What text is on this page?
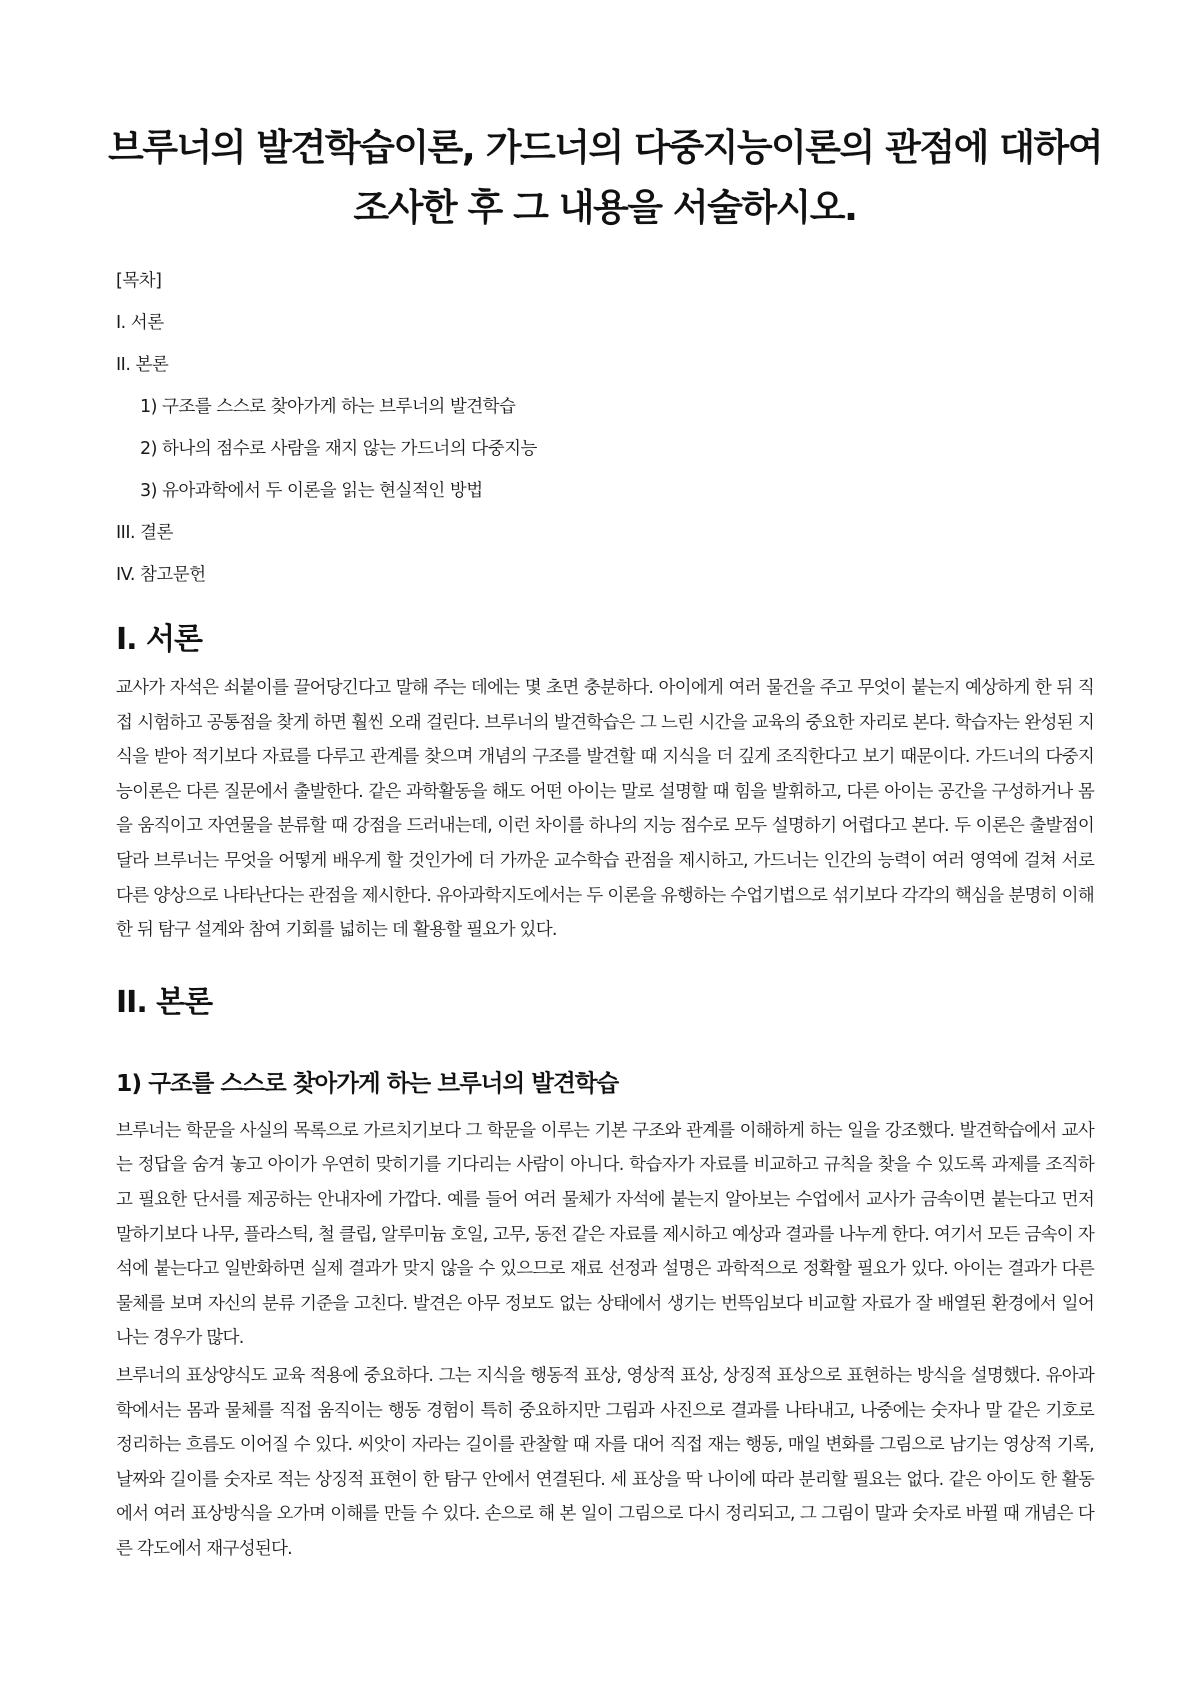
브루너의 발견학습이론, 가드너의 다중지능이론의 관점에 대하여 조사한 후 그 내용을 서술하시오.
[목차]
I. 서론
II. 본론
1) 구조를 스스로 찾아가게 하는 브루너의 발견학습
2) 하나의 점수로 사람을 재지 않는 가드너의 다중지능
3) 유아과학에서 두 이론을 읽는 현실적인 방법
III. 결론
IV. 참고문헌
I. 서론

교사가 자석은 쇠붙이를 끌어당긴다고 말해 주는 데에는 몇 초면 충분하다. 아이에게 여러 물건을 주고 무엇이 붙는지 예상하게 한 뒤 직접 시험하고 공통점을 찾게 하면 훨씬 오래 걸린다. 브루너의 발견학습은 그 느린 시간을 교육의 중요한 자리로 본다. 학습자는 완성된 지식을 받아 적기보다 자료를 다루고 관계를 찾으며 개념의 구조를 발견할 때 지식을 더 깊게 조직한다고 보기 때문이다. 가드너의 다중지능이론은 다른 질문에서 출발한다. 같은 과학활동을 해도 어떤 아이는 말로 설명할 때 힘을 발휘하고, 다른 아이는 공간을 구성하거나 몸을 움직이고 자연물을 분류할 때 강점을 드러내는데, 이런 차이를 하나의 지능 점수로 모두 설명하기 어렵다고 본다. 두 이론은 출발점이 달라 브루너는 무엇을 어떻게 배우게 할 것인가에 더 가까운 교수학습 관점을 제시하고, 가드너는 인간의 능력이 여러 영역에 걸쳐 서로 다른 양상으로 나타난다는 관점을 제시한다. 유아과학지도에서는 두 이론을 유행하는 수업기법으로 섞기보다 각각의 핵심을 분명히 이해한 뒤 탐구 설계와 참여 기회를 넓히는 데 활용할 필요가 있다.

II. 본론
1) 구조를 스스로 찾아가게 하는 브루너의 발견학습

브루너는 학문을 사실의 목록으로 가르치기보다 그 학문을 이루는 기본 구조와 관계를 이해하게 하는 일을 강조했다. 발견학습에서 교사는 정답을 숨겨 놓고 아이가 우연히 맞히기를 기다리는 사람이 아니다. 학습자가 자료를 비교하고 규칙을 찾을 수 있도록 과제를 조직하고 필요한 단서를 제공하는 안내자에 가깝다. 예를 들어 여러 물체가 자석에 붙는지 알아보는 수업에서 교사가 금속이면 붙는다고 먼저 말하기보다 나무, 플라스틱, 철 클립, 알루미늄 호일, 고무, 동전 같은 자료를 제시하고 예상과 결과를 나누게 한다. 여기서 모든 금속이 자석에 붙는다고 일반화하면 실제 결과가 맞지 않을 수 있으므로 재료 선정과 설명은 과학적으로 정확할 필요가 있다. 아이는 결과가 다른 물체를 보며 자신의 분류 기준을 고친다. 발견은 아무 정보도 없는 상태에서 생기는 번뜩임보다 비교할 자료가 잘 배열된 환경에서 일어나는 경우가 많다.

브루너의 표상양식도 교육 적용에 중요하다. 그는 지식을 행동적 표상, 영상적 표상, 상징적 표상으로 표현하는 방식을 설명했다. 유아과학에서는 몸과 물체를 직접 움직이는 행동 경험이 특히 중요하지만 그림과 사진으로 결과를 나타내고, 나중에는 숫자나 말 같은 기호로 정리하는 흐름도 이어질 수 있다. 씨앗이 자라는 길이를 관찰할 때 자를 대어 직접 재는 행동, 매일 변화를 그림으로 남기는 영상적 기록, 날짜와 길이를 숫자로 적는 상징적 표현이 한 탐구 안에서 연결된다. 세 표상을 딱 나이에 따라 분리할 필요는 없다. 같은 아이도 한 활동에서 여러 표상방식을 오가며 이해를 만들 수 있다. 손으로 해 본 일이 그림으로 다시 정리되고, 그 그림이 말과 숫자로 바뀔 때 개념은 다른 각도에서 재구성된다.
